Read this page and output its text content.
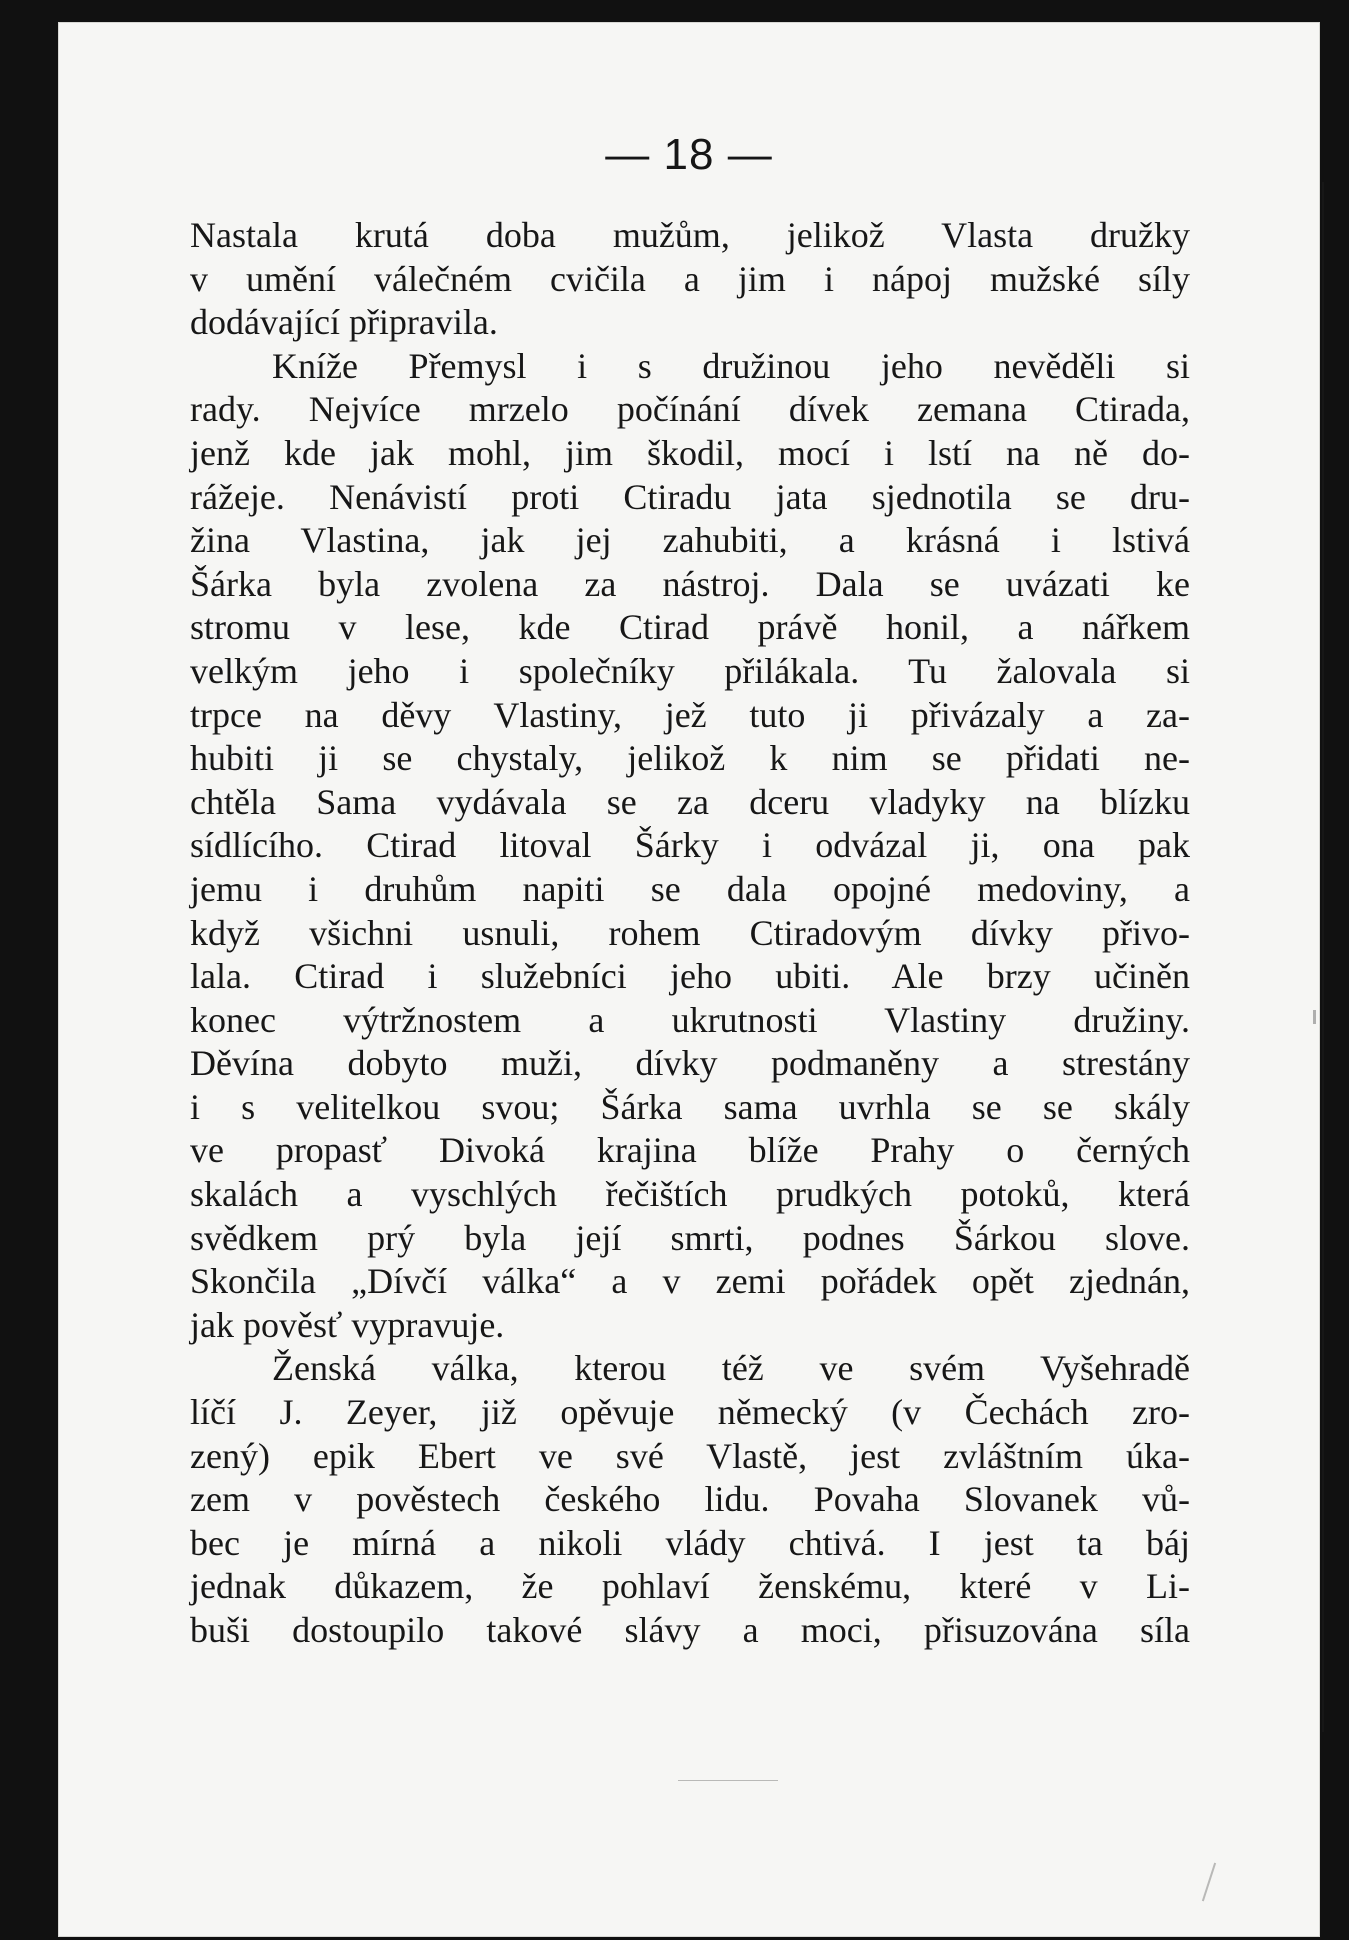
— 18 —
Nastala krutá doba mužům, jelikož Vlasta družky
v umění válečném cvičila a jim i nápoj mužské síly
dodávající připravila.
Kníže Přemysl i s družinou jeho nevěděli si
rady. Nejvíce mrzelo počínání dívek zemana Ctirada,
jenž kde jak mohl, jim škodil, mocí i lstí na ně do-
rážeje. Nenávistí proti Ctiradu jata sjednotila se dru-
žina Vlastina, jak jej zahubiti, a krásná i lstivá
Šárka byla zvolena za nástroj. Dala se uvázati ke
stromu v lese, kde Ctirad právě honil, a nářkem
velkým jeho i společníky přilákala. Tu žalovala si
trpce na děvy Vlastiny, jež tuto ji přivázaly a za-
hubiti ji se chystaly, jelikož k nim se přidati ne-
chtěla Sama vydávala se za dceru vladyky na blízku
sídlícího. Ctirad litoval Šárky i odvázal ji, ona pak
jemu i druhům napiti se dala opojné medoviny, a
když všichni usnuli, rohem Ctiradovým dívky přivo-
lala. Ctirad i služebníci jeho ubiti. Ale brzy učiněn
konec výtržnostem a ukrutnosti Vlastiny družiny.
Děvína dobyto muži, dívky podmaněny a strestány
i s velitelkou svou; Šárka sama uvrhla se se skály
ve propasť Divoká krajina blíže Prahy o černých
skalách a vyschlých řečištích prudkých potoků, která
svědkem prý byla její smrti, podnes Šárkou slove.
Skončila „Dívčí válka“ a v zemi pořádek opět zjednán,
jak pověsť vypravuje.
Ženská válka, kterou též ve svém Vyšehradě
líčí J. Zeyer, již opěvuje německý (v Čechách zro-
zený) epik Ebert ve své Vlastě, jest zvláštním úka-
zem v pověstech českého lidu. Povaha Slovanek vů-
bec je mírná a nikoli vlády chtivá. I jest ta báj
jednak důkazem, že pohlaví ženskému, které v Li-
buši dostoupilo takové slávy a moci, přisuzována síla
